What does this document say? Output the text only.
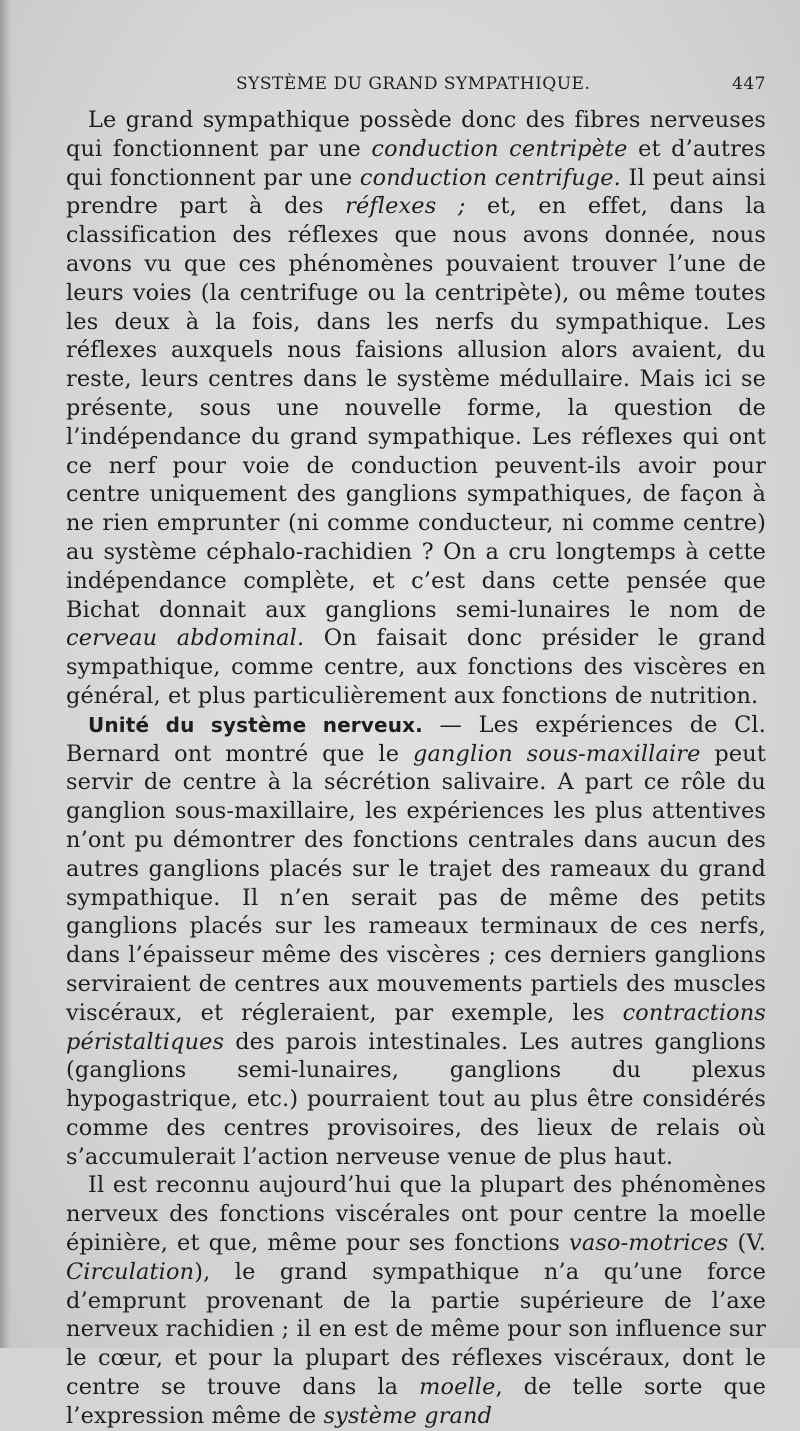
SYSTÈME DU GRAND SYMPATHIQUE.	447

Le grand sympathique possède donc des fibres nerveuses qui fonctionnent par une conduction centripète et d’autres qui fonctionnent par une conduction centrifuge. Il peut ainsi prendre part à des réflexes ; et, en effet, dans la classification des réflexes que nous avons donnée, nous avons vu que ces phénomènes pouvaient trouver l’une de leurs voies (la centrifuge ou la centripète), ou même toutes les deux à la fois, dans les nerfs du sympathique. Les réflexes auxquels nous faisions allusion alors avaient, du reste, leurs centres dans le système médullaire. Mais ici se présente, sous une nouvelle forme, la question de l’indépendance du grand sympathique. Les réflexes qui ont ce nerf pour voie de conduction peuvent-ils avoir pour centre uniquement des ganglions sympathiques, de façon à ne rien emprunter (ni comme conducteur, ni comme centre) au système céphalo-rachidien ? On a cru longtemps à cette indépendance complète, et c’est dans cette pensée que Bichat donnait aux ganglions semi-lunaires le nom de cerveau abdominal. On faisait donc présider le grand sympathique, comme centre, aux fonctions des viscères en général, et plus particulièrement aux fonctions de nutrition.

Unité du système nerveux. — Les expériences de Cl. Bernard ont montré que le ganglion sous-maxillaire peut servir de centre à la sécrétion salivaire. A part ce rôle du ganglion sous-maxillaire, les expériences les plus attentives n’ont pu démontrer des fonctions centrales dans aucun des autres ganglions placés sur le trajet des rameaux du grand sympathique. Il n’en serait pas de même des petits ganglions placés sur les rameaux terminaux de ces nerfs, dans l’épaisseur même des viscères ; ces derniers ganglions serviraient de centres aux mouvements partiels des muscles viscéraux, et régleraient, par exemple, les contractions péristaltiques des parois intestinales. Les autres ganglions (ganglions semi-lunaires, ganglions du plexus hypogastrique, etc.) pourraient tout au plus être considérés comme des centres provisoires, des lieux de relais où s’accumulerait l’action nerveuse venue de plus haut.

Il est reconnu aujourd’hui que la plupart des phénomènes nerveux des fonctions viscérales ont pour centre la moelle épinière, et que, même pour ses fonctions vaso-motrices (V. Circulation), le grand sympathique n’a qu’une force d’emprunt provenant de la partie supérieure de l’axe nerveux rachidien ; il en est de même pour son influence sur le cœur, et pour la plupart des réflexes viscéraux, dont le centre se trouve dans la moelle, de telle sorte que l’expression même de système grand
